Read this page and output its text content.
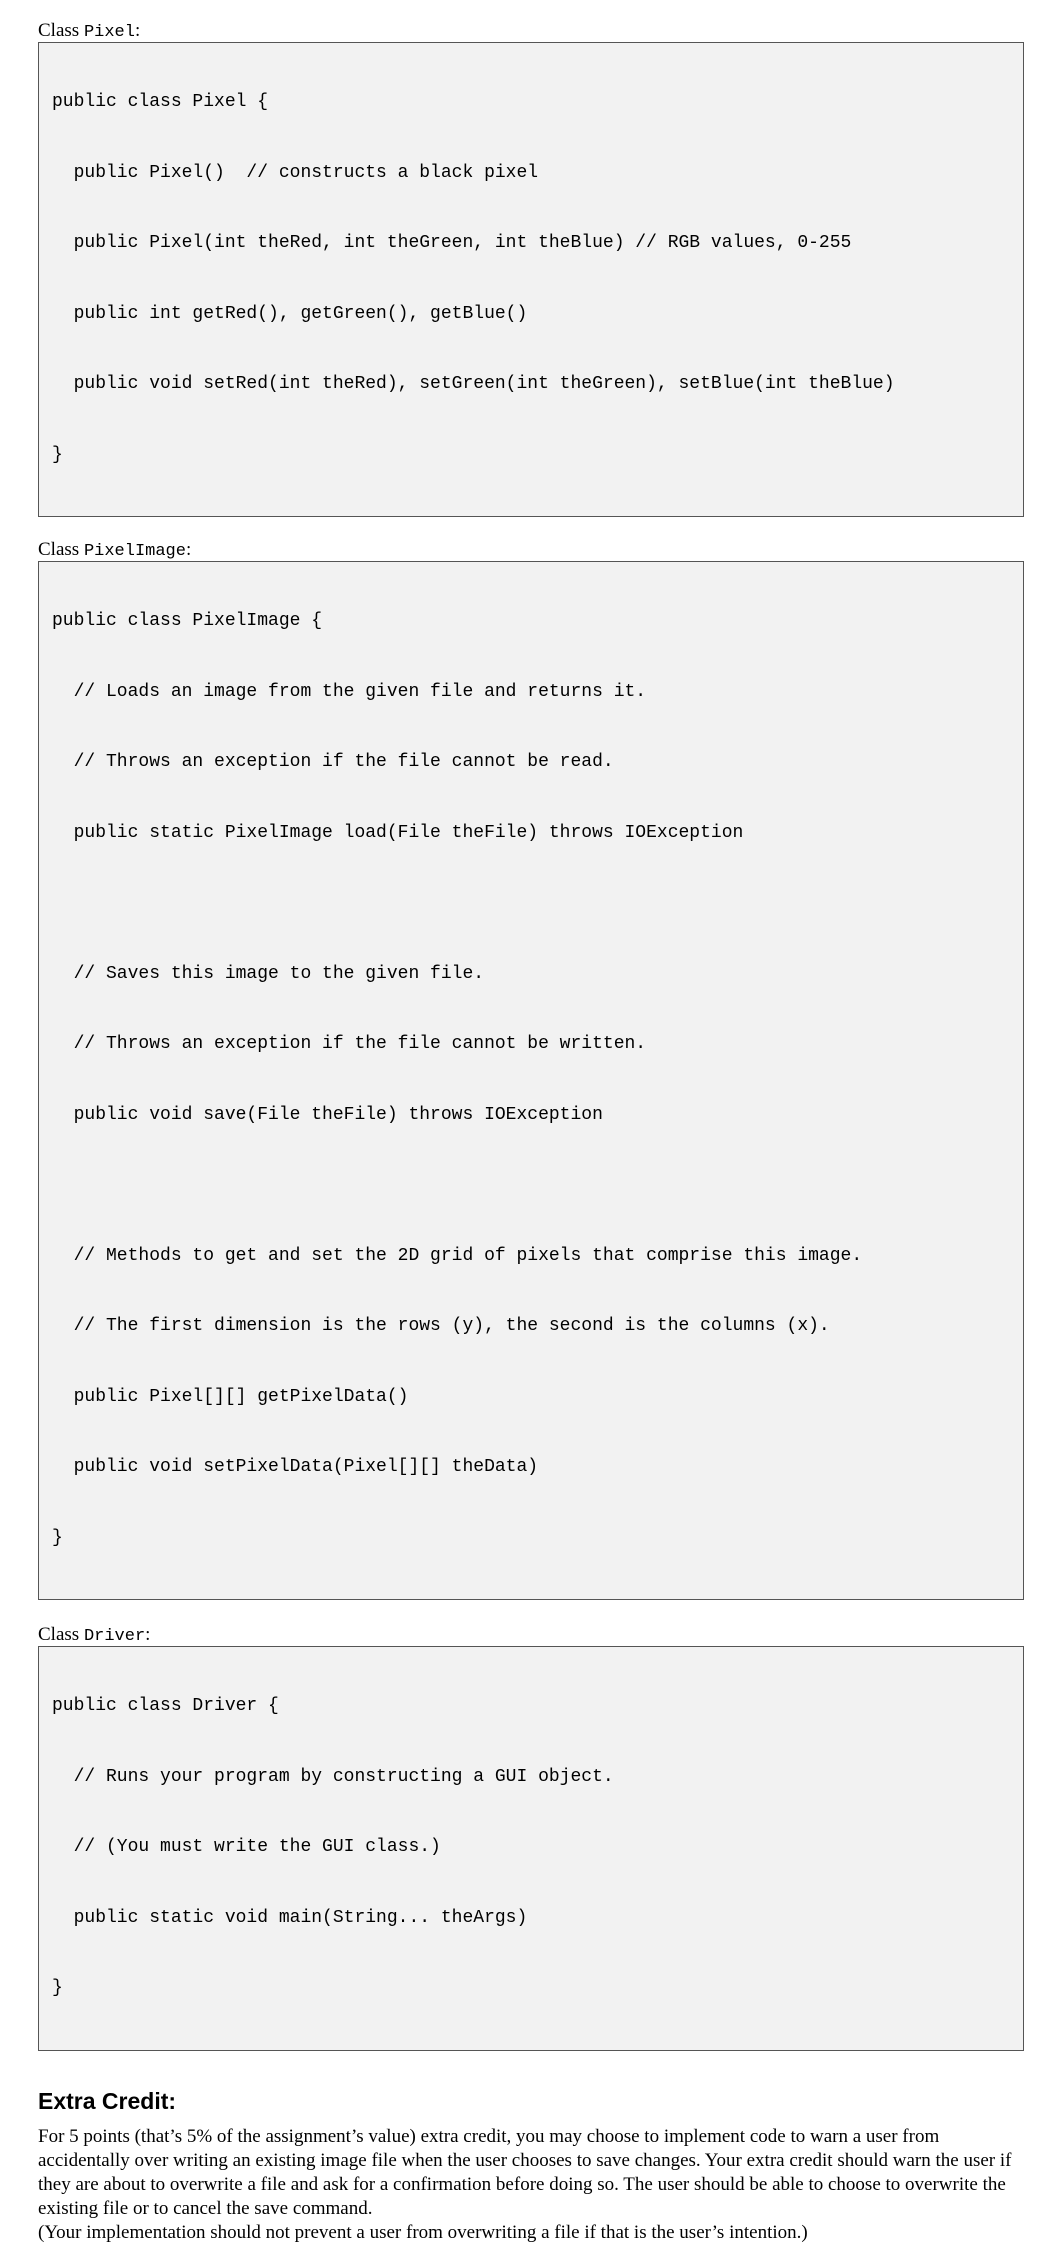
Class Pixel:

public class Pixel {

public Pixel()  // constructs a black pixel

public Pixel(int theRed, int theGreen, int theBlue) // RGB values, 0-255

public int getRed(), getGreen(), getBlue()

public void setRed(int theRed), setGreen(int theGreen), setBlue(int theBlue)

}

Class PixelImage:

public class PixelImage {

// Loads an image from the given file and returns it.

// Throws an exception if the file cannot be read.

public static PixelImage load(File theFile) throws IOException

// Saves this image to the given file.

// Throws an exception if the file cannot be written.

public void save(File theFile) throws IOException

// Methods to get and set the 2D grid of pixels that comprise this image.

// The first dimension is the rows (y), the second is the columns (x).

public Pixel[][] getPixelData()

public void setPixelData(Pixel[][] theData)

}

Class Driver:

public class Driver {

// Runs your program by constructing a GUI object.

// (You must write the GUI class.)

public static void main(String... theArgs)

}

Extra Credit:

For 5 points (that’s 5% of the assignment’s value) extra credit, you may choose to implement code to warn a user from accidentally over writing an existing image file when the user chooses to save changes. Your extra credit should warn the user if they are about to overwrite a file and ask for a confirmation before doing so. The user should be able to choose to overwrite the existing file or to cancel the save command.

(Your implementation should not prevent a user from overwriting a file if that is the user’s intention.)
